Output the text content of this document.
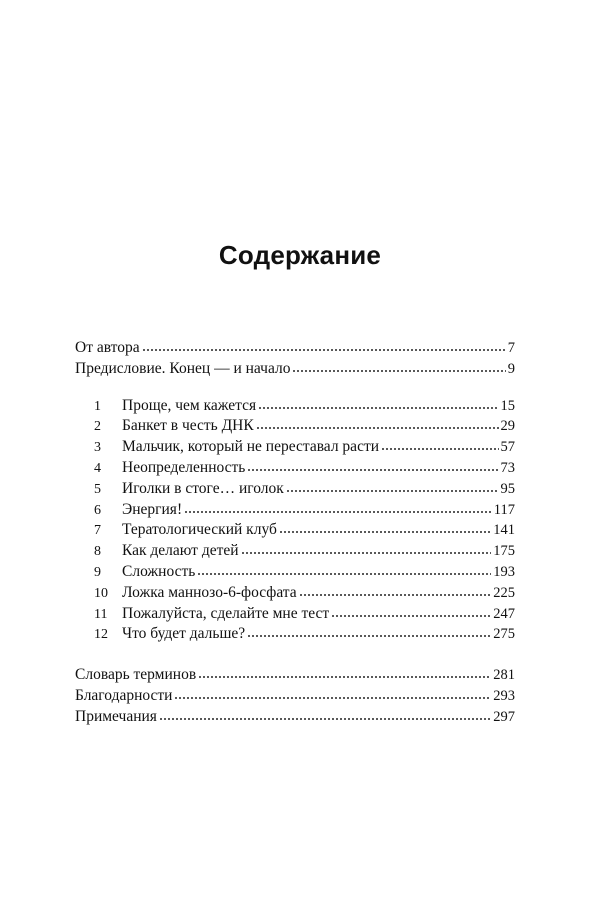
Содержание
От автора	7
Предисловие. Конец — и начало	9
1	Проще, чем кажется	15
2	Банкет в честь ДНК	29
3	Мальчик, который не переставал расти	57
4	Неопределенность	73
5	Иголки в стоге… иголок	95
6	Энергия!	117
7	Тератологический клуб	141
8	Как делают детей	175
9	Сложность	193
10 Ложка маннозо-6-фосфата	225
11 Пожалуйста, сделайте мне тест	247
12 Что будет дальше?	275
Словарь терминов	281
Благодарности	293
Примечания	297
